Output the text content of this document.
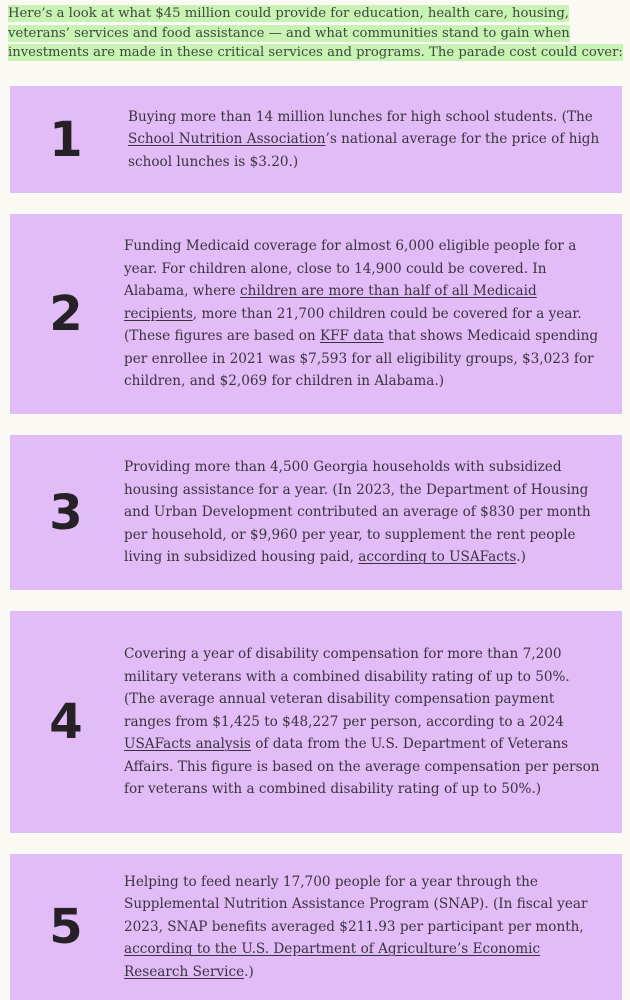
Here’s a look at what $45 million could provide for education, health care, housing, veterans’ services and food assistance — and what communities stand to gain when investments are made in these critical services and programs. The parade cost could cover:
1	Buying more than 14 million lunches for high school students. (The School Nutrition Association’s national average for the price of high school lunches is $3.20.)
2
Funding Medicaid coverage for almost 6,000 eligible people for a year. For children alone, close to 14,900 could be covered. In Alabama, where children are more than half of all Medicaid recipients, more than 21,700 children could be covered for a year. (These figures are based on KFF data that shows Medicaid spending per enrollee in 2021 was $7,593 for all eligibility groups, $3,023 for children, and $2,069 for children in Alabama.)
3
Providing more than 4,500 Georgia households with subsidized housing assistance for a year. (In 2023, the Department of Housing and Urban Development contributed an average of $830 per month per household, or $9,960 per year, to supplement the rent people living in subsidized housing paid, according to USAFacts.)
4
Covering a year of disability compensation for more than 7,200 military veterans with a combined disability rating of up to 50%. (The average annual veteran disability compensation payment ranges from $1,425 to $48,227 per person, according to a 2024 USAFacts analysis of data from the U.S. Department of Veterans Affairs. This figure is based on the average compensation per person for veterans with a combined disability rating of up to 50%.)
5
Helping to feed nearly 17,700 people for a year through the Supplemental Nutrition Assistance Program (SNAP). (In fiscal year 2023, SNAP benefits averaged $211.93 per participant per month, according to the U.S. Department of Agriculture’s Economic Research Service.)
